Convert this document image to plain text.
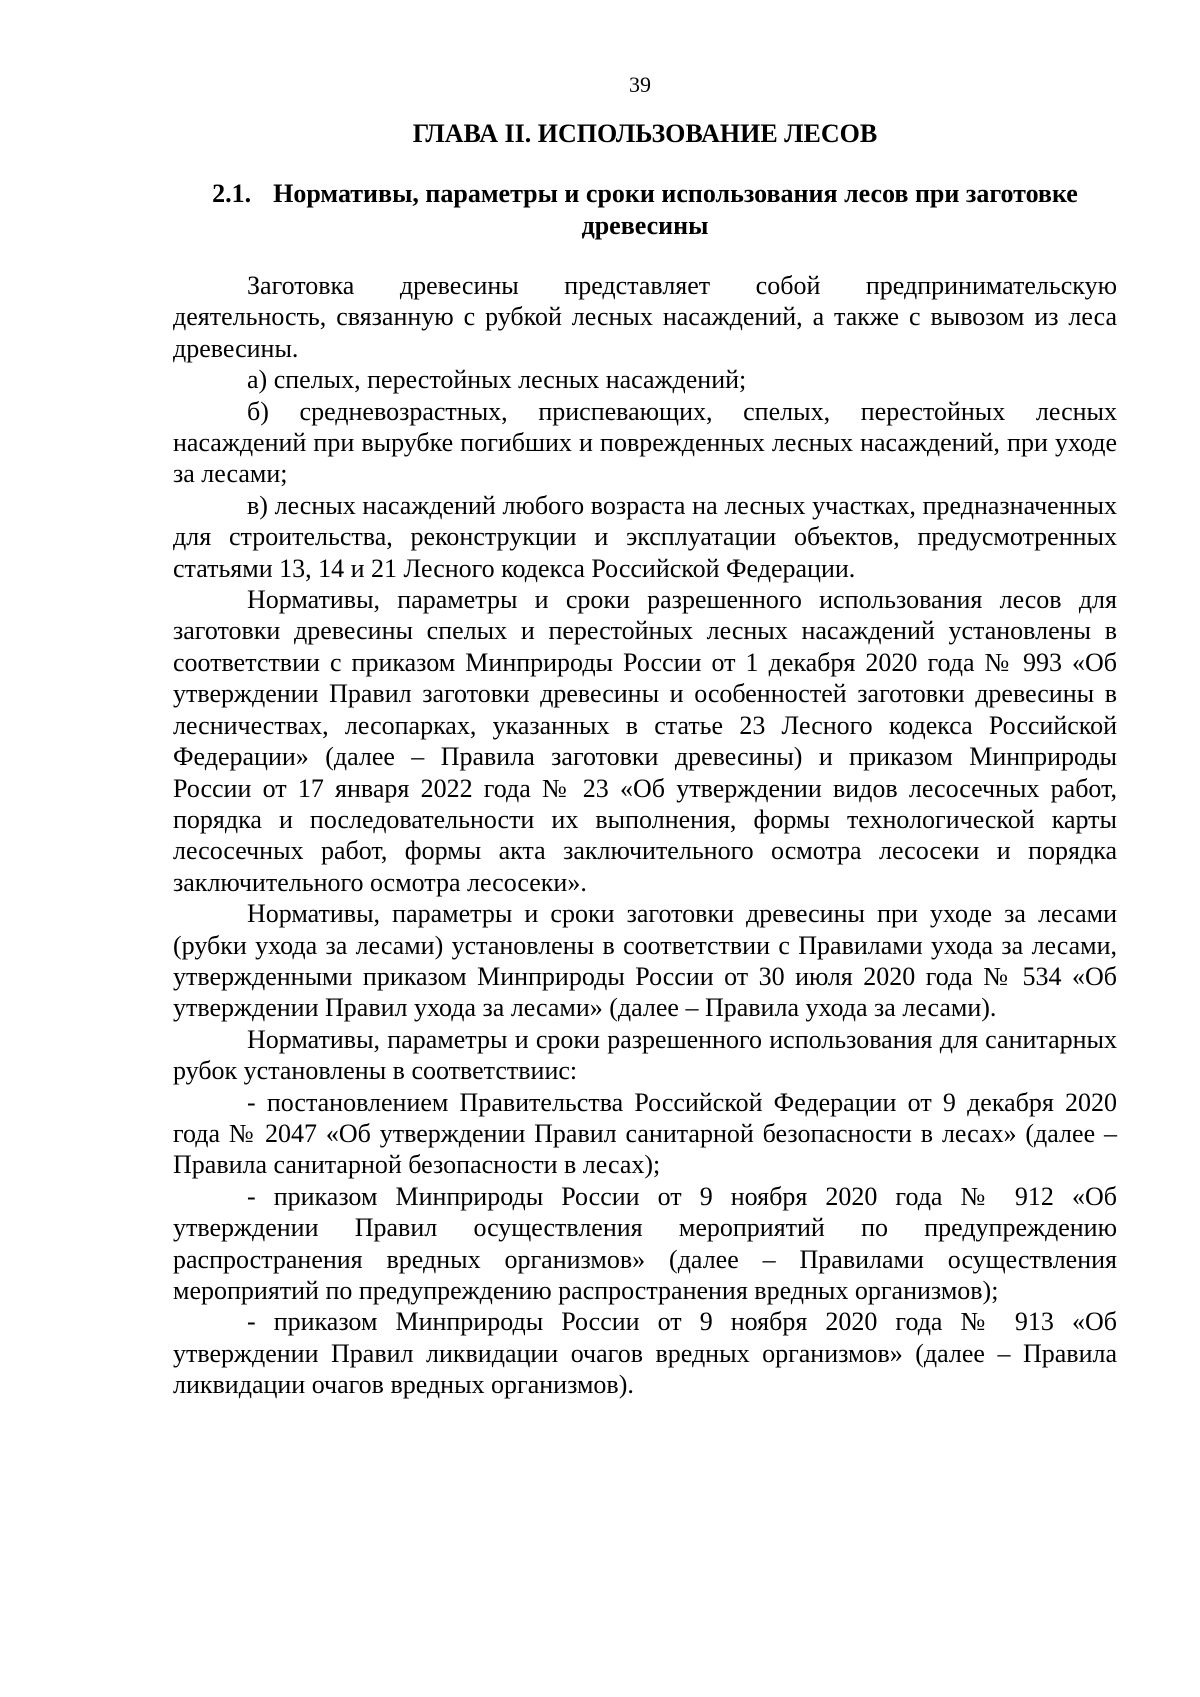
39
ГЛАВА II. ИСПОЛЬЗОВАНИЕ ЛЕСОВ
2.1. Нормативы, параметры и сроки использования лесов при заготовке древесины

Заготовка древесины представляет собой предпринимательскую деятельность, связанную с рубкой лесных насаждений, а также с вывозом из леса древесины.

а) спелых, перестойных лесных насаждений;

б) средневозрастных, приспевающих, спелых, перестойных лесных насаждений при вырубке погибших и поврежденных лесных насаждений, при уходе за лесами;

в) лесных насаждений любого возраста на лесных участках, предназначенных для строительства, реконструкции и эксплуатации объектов, предусмотренных статьями 13, 14 и 21 Лесного кодекса Российской Федерации.

Нормативы, параметры и сроки разрешенного использования лесов для заготовки древесины спелых и перестойных лесных насаждений установлены в соответствии с приказом Минприроды России от 1 декабря 2020 года № 993 «Об утверждении Правил заготовки древесины и особенностей заготовки древесины в лесничествах, лесопарках, указанных в статье 23 Лесного кодекса Российской Федерации» (далее – Правила заготовки древесины) и приказом Минприроды России от 17 января 2022 года № 23 «Об утверждении видов лесосечных работ, порядка и последовательности их выполнения, формы технологической карты лесосечных работ, формы акта заключительного осмотра лесосеки и порядка заключительного осмотра лесосеки».

Нормативы, параметры и сроки заготовки древесины при уходе за лесами (рубки ухода за лесами) установлены в соответствии с Правилами ухода за лесами, утвержденными приказом Минприроды России от 30 июля 2020 года № 534 «Об утверждении Правил ухода за лесами» (далее – Правила ухода за лесами).

Нормативы, параметры и сроки разрешенного использования для санитарных рубок установлены в соответствиис:

- постановлением Правительства Российской Федерации от 9 декабря 2020 года № 2047 «Об утверждении Правил санитарной безопасности в лесах» (далее – Правила санитарной безопасности в лесах);

- приказом Минприроды России от 9 ноября 2020 года № 912 «Об утверждении Правил осуществления мероприятий по предупреждению распространения вредных организмов» (далее – Правилами осуществления мероприятий по предупреждению распространения вредных организмов);

- приказом Минприроды России от 9 ноября 2020 года № 913 «Об утверждении Правил ликвидации очагов вредных организмов» (далее – Правила ликвидации очагов вредных организмов).
